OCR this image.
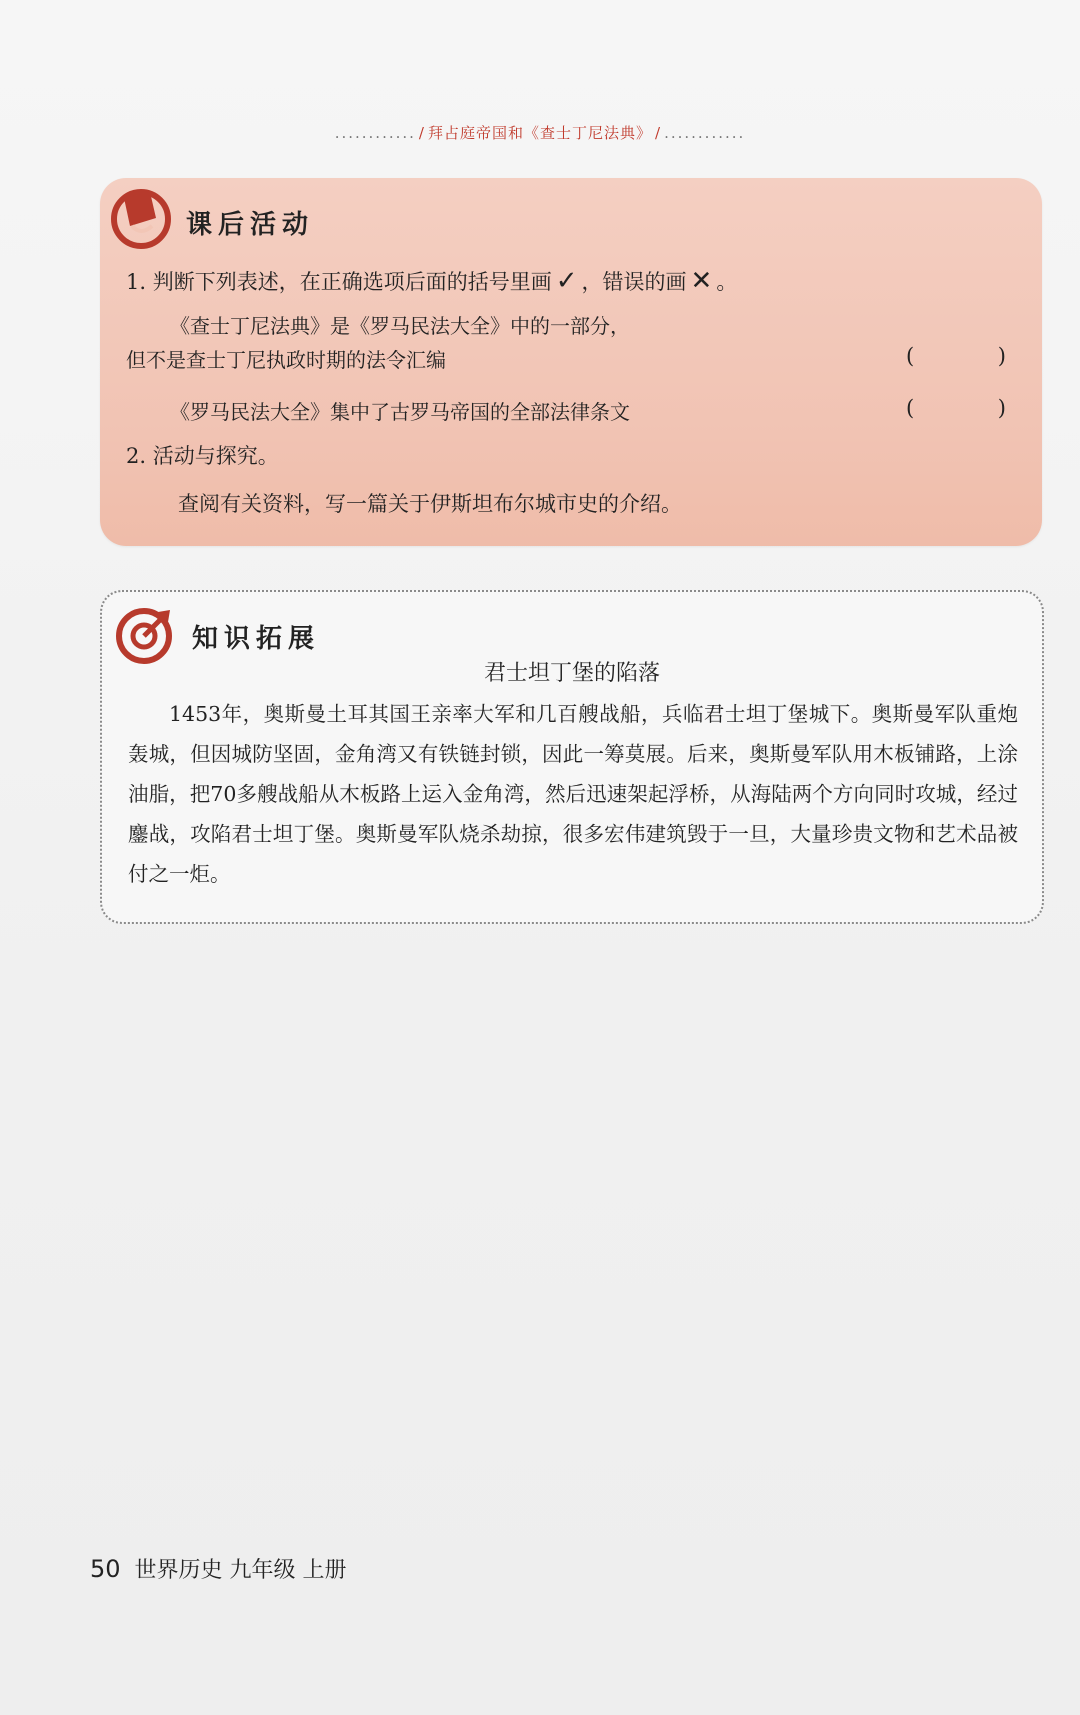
............ / 拜占庭帝国和《查士丁尼法典》 / ............
课后活动
1. 判断下列表述，在正确选项后面的括号里画 ✓ ，错误的画 ✕ 。
《查士丁尼法典》是《罗马民法大全》中的一部分，
但不是查士丁尼执政时期的法令汇编	(	)
《罗马民法大全》集中了古罗马帝国的全部法律条文	(	)
2. 活动与探究。
查阅有关资料，写一篇关于伊斯坦布尔城市史的介绍。
知识拓展
君士坦丁堡的陷落
1453年，奥斯曼土耳其国王亲率大军和几百艘战船，兵临君士坦丁堡城下。奥斯曼军队重炮轰城，但因城防坚固，金角湾又有铁链封锁，因此一筹莫展。后来，奥斯曼军队用木板铺路，上涂油脂，把70多艘战船从木板路上运入金角湾，然后迅速架起浮桥，从海陆两个方向同时攻城，经过鏖战，攻陷君士坦丁堡。奥斯曼军队烧杀劫掠，很多宏伟建筑毁于一旦，大量珍贵文物和艺术品被付之一炬。
50 世界历史 九年级 上册
